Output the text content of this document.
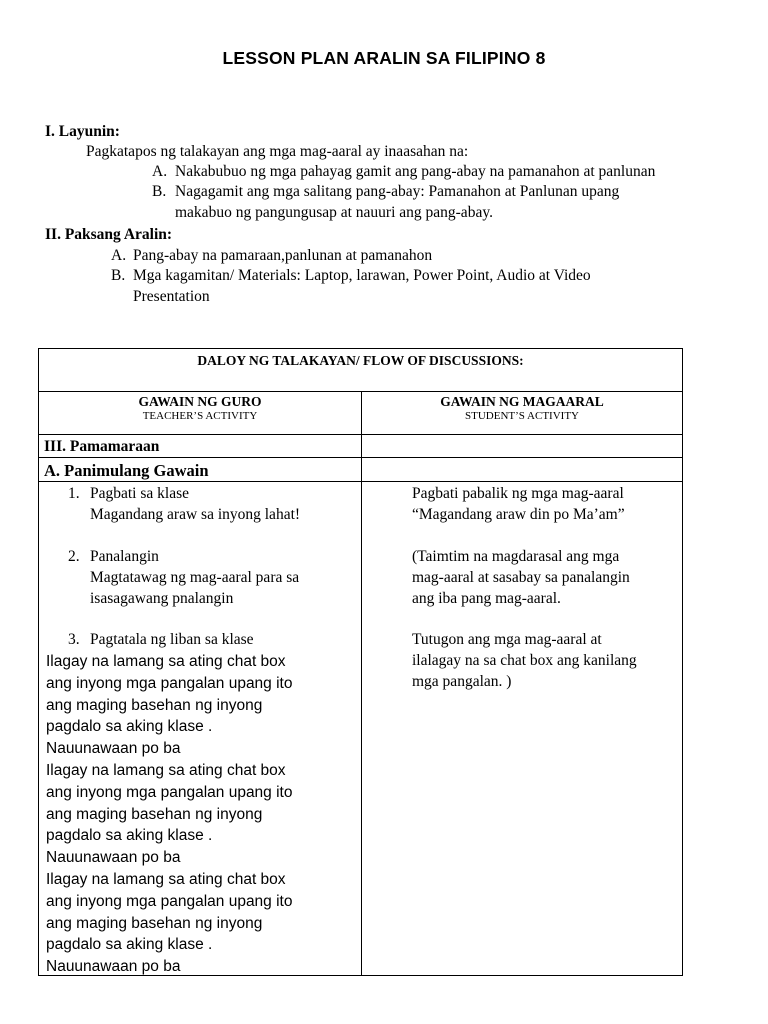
LESSON PLAN ARALIN SA FILIPINO 8
I. Layunin:
Pagkatapos ng talakayan ang mga mag-aaral ay inaasahan na:
A. Nakabubuo ng mga pahayag gamit ang pang-abay na pamanahon at panlunan
B. Nagagamit ang mga salitang pang-abay: Pamanahon at Panlunan upang
makabuo ng pangungusap at nauuri ang pang-abay.
II. Paksang Aralin:
A. Pang-abay na pamaraan,panlunan at pamanahon
B. Mga kagamitan/ Materials: Laptop, larawan, Power Point, Audio at Video
Presentation
DALOY NG TALAKAYAN/ FLOW OF DISCUSSIONS:
GAWAIN NG GURO
TEACHER’S ACTIVITY
GAWAIN NG MAGAARAL
STUDENT’S ACTIVITY
III. Pamamaraan
A. Panimulang Gawain
1. Pagbati sa klase
Magandang araw sa inyong lahat!
2. Panalangin
Magtatawag ng mag-aaral para sa
isasagawang pnalangin
3. Pagtatala ng liban sa klase
Ilagay na lamang sa ating chat box
ang inyong mga pangalan upang ito
ang maging basehan ng inyong
pagdalo sa aking klase .
Nauunawaan po ba
Ilagay na lamang sa ating chat box
ang inyong mga pangalan upang ito
ang maging basehan ng inyong
pagdalo sa aking klase .
Nauunawaan po ba
Ilagay na lamang sa ating chat box
ang inyong mga pangalan upang ito
ang maging basehan ng inyong
pagdalo sa aking klase .
Nauunawaan po ba
Pagbati pabalik ng mga mag-aaral
“Magandang araw din po Ma’am”
(Taimtim na magdarasal ang mga
mag-aaral at sasabay sa panalangin
ang iba pang mag-aaral.
Tutugon ang mga mag-aaral at
ilalagay na sa chat box ang kanilang
mga pangalan. )
